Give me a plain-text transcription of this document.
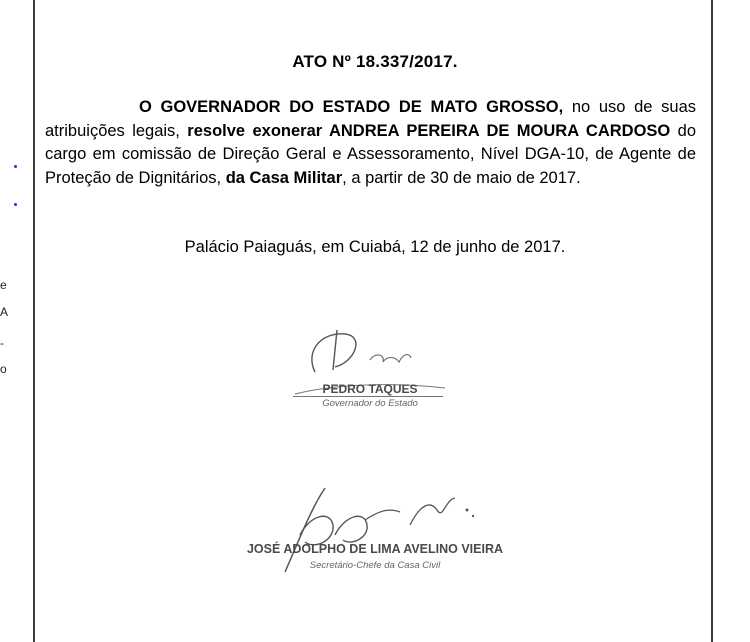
e
A
-
o
ATO Nº 18.337/2017.

O GOVERNADOR DO ESTADO DE MATO GROSSO, no uso de suas atribuições legais, resolve exonerar ANDREA PEREIRA DE MOURA CARDOSO do cargo em comissão de Direção Geral e Assessoramento, Nível DGA-10, de Agente de Proteção de Dignitários, da Casa Militar, a partir de 30 de maio de 2017.

Palácio Paiaguás, em Cuiabá, 12 de junho de 2017.
PEDRO TAQUES
Governador do Estado
JOSÉ ADOLPHO DE LIMA AVELINO VIEIRA
Secretário-Chefe da Casa Civil
